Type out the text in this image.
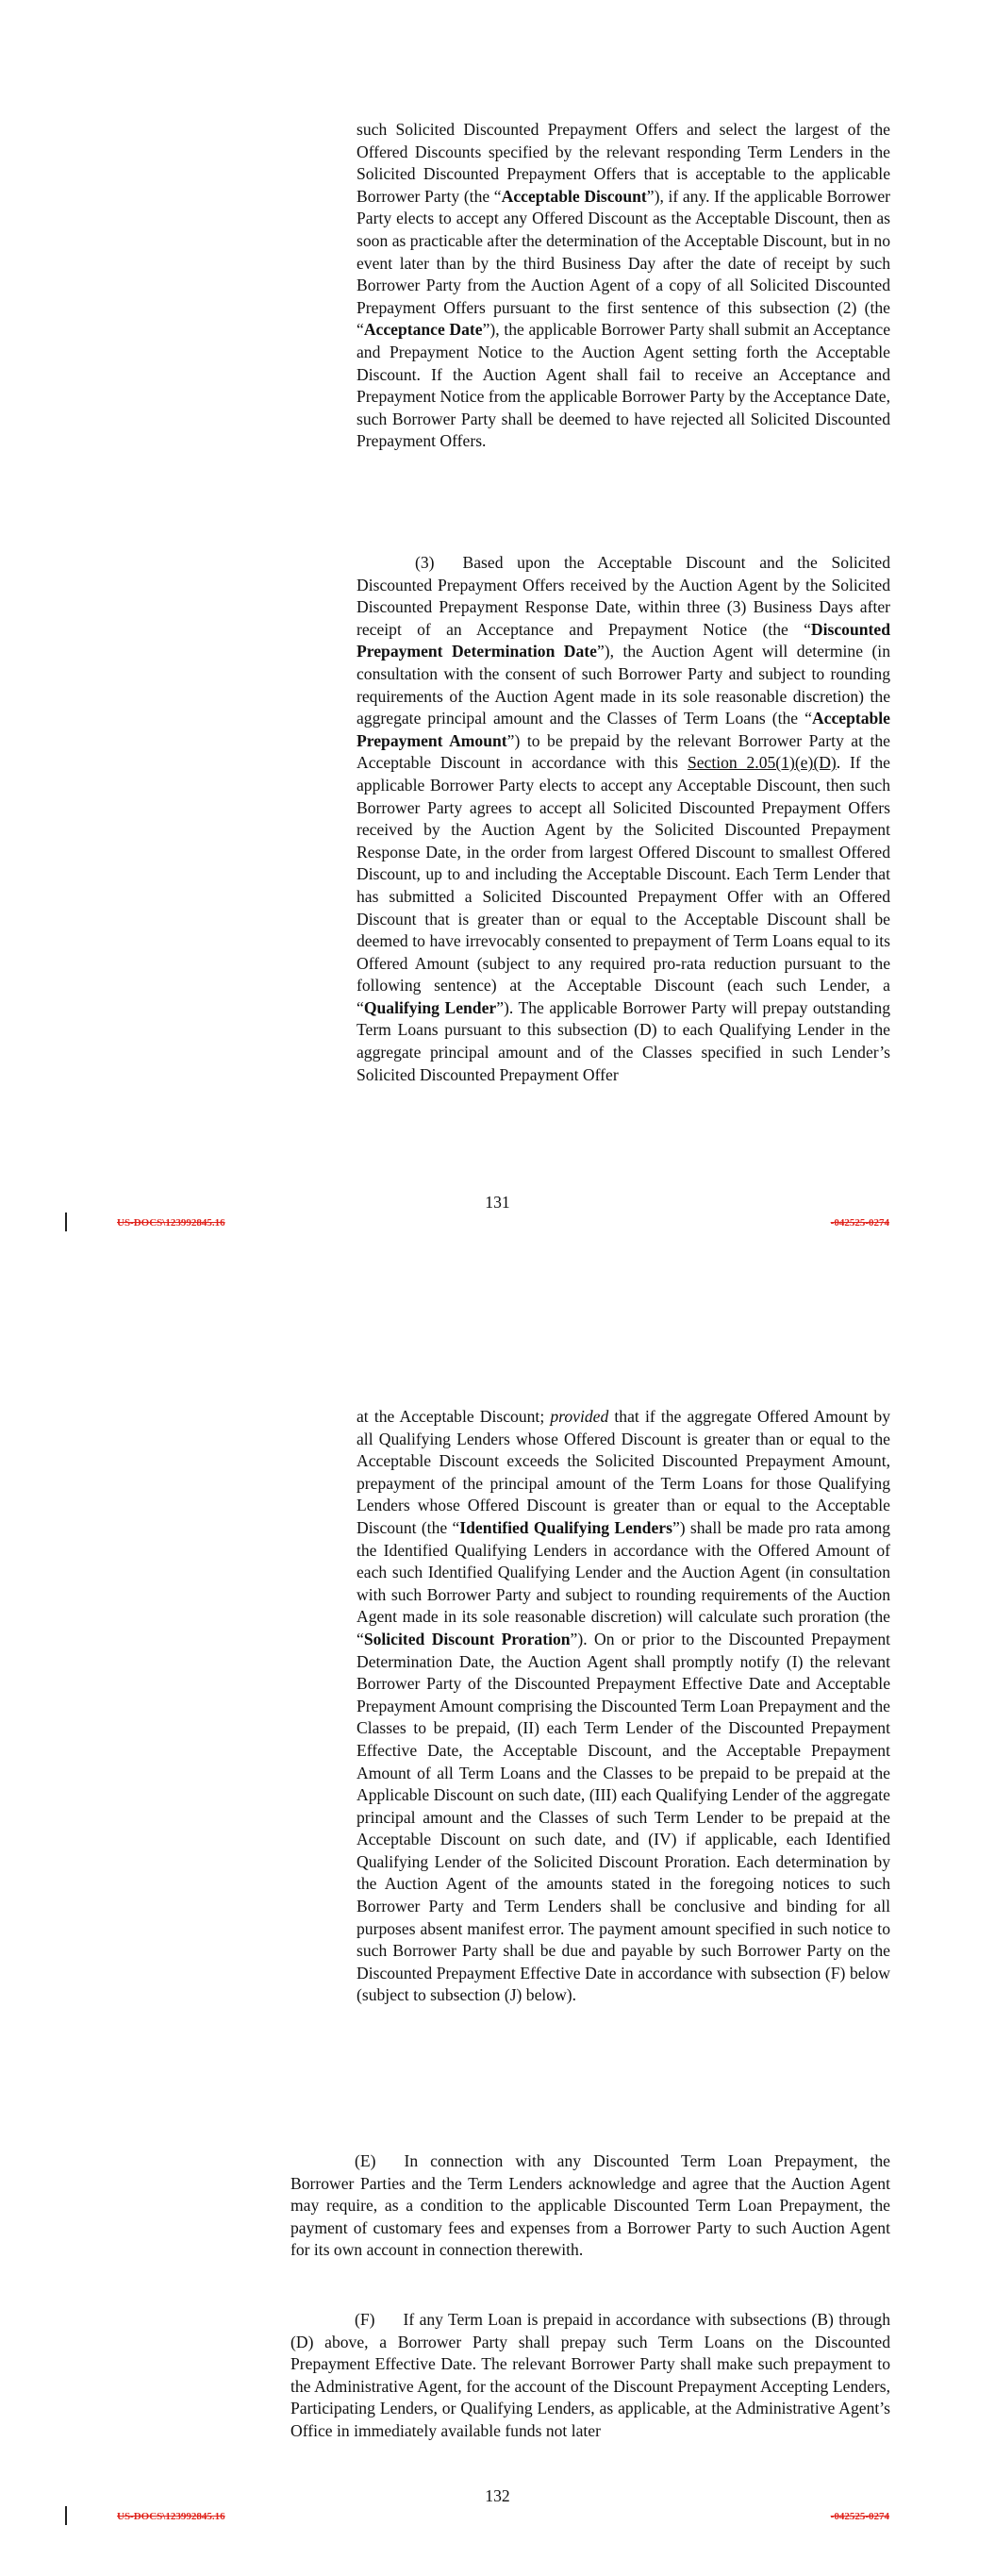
such Solicited Discounted Prepayment Offers and select the largest of the Offered Discounts specified by the relevant responding Term Lenders in the Solicited Discounted Prepayment Offers that is acceptable to the applicable Borrower Party (the “Acceptable Discount”), if any. If the applicable Borrower Party elects to accept any Offered Discount as the Acceptable Discount, then as soon as practicable after the determination of the Acceptable Discount, but in no event later than by the third Business Day after the date of receipt by such Borrower Party from the Auction Agent of a copy of all Solicited Discounted Prepayment Offers pursuant to the first sentence of this subsection (2) (the “Acceptance Date”), the applicable Borrower Party shall submit an Acceptance and Prepayment Notice to the Auction Agent setting forth the Acceptable Discount. If the Auction Agent shall fail to receive an Acceptance and Prepayment Notice from the applicable Borrower Party by the Acceptance Date, such Borrower Party shall be deemed to have rejected all Solicited Discounted Prepayment Offers.

(3) Based upon the Acceptable Discount and the Solicited Discounted Prepayment Offers received by the Auction Agent by the Solicited Discounted Prepayment Response Date, within three (3) Business Days after receipt of an Acceptance and Prepayment Notice (the “Discounted Prepayment Determination Date”), the Auction Agent will determine (in consultation with the consent of such Borrower Party and subject to rounding requirements of the Auction Agent made in its sole reasonable discretion) the aggregate principal amount and the Classes of Term Loans (the “Acceptable Prepayment Amount”) to be prepaid by the relevant Borrower Party at the Acceptable Discount in accordance with this Section 2.05(1)(e)(D). If the applicable Borrower Party elects to accept any Acceptable Discount, then such Borrower Party agrees to accept all Solicited Discounted Prepayment Offers received by the Auction Agent by the Solicited Discounted Prepayment Response Date, in the order from largest Offered Discount to smallest Offered Discount, up to and including the Acceptable Discount. Each Term Lender that has submitted a Solicited Discounted Prepayment Offer with an Offered Discount that is greater than or equal to the Acceptable Discount shall be deemed to have irrevocably consented to prepayment of Term Loans equal to its Offered Amount (subject to any required pro-rata reduction pursuant to the following sentence) at the Acceptable Discount (each such Lender, a “Qualifying Lender”). The applicable Borrower Party will prepay outstanding Term Loans pursuant to this subsection (D) to each Qualifying Lender in the aggregate principal amount and of the Classes specified in such Lender’s Solicited Discounted Prepayment Offer

131

US-DOCS\123992845.16	-042525-0274

at the Acceptable Discount; provided that if the aggregate Offered Amount by all Qualifying Lenders whose Offered Discount is greater than or equal to the Acceptable Discount exceeds the Solicited Discounted Prepayment Amount, prepayment of the principal amount of the Term Loans for those Qualifying Lenders whose Offered Discount is greater than or equal to the Acceptable Discount (the “Identified Qualifying Lenders”) shall be made pro rata among the Identified Qualifying Lenders in accordance with the Offered Amount of each such Identified Qualifying Lender and the Auction Agent (in consultation with such Borrower Party and subject to rounding requirements of the Auction Agent made in its sole reasonable discretion) will calculate such proration (the “Solicited Discount Proration”). On or prior to the Discounted Prepayment Determination Date, the Auction Agent shall promptly notify (I) the relevant Borrower Party of the Discounted Prepayment Effective Date and Acceptable Prepayment Amount comprising the Discounted Term Loan Prepayment and the Classes to be prepaid, (II) each Term Lender of the Discounted Prepayment Effective Date, the Acceptable Discount, and the Acceptable Prepayment Amount of all Term Loans and the Classes to be prepaid to be prepaid at the Applicable Discount on such date, (III) each Qualifying Lender of the aggregate principal amount and the Classes of such Term Lender to be prepaid at the Acceptable Discount on such date, and (IV) if applicable, each Identified Qualifying Lender of the Solicited Discount Proration. Each determination by the Auction Agent of the amounts stated in the foregoing notices to such Borrower Party and Term Lenders shall be conclusive and binding for all purposes absent manifest error. The payment amount specified in such notice to such Borrower Party shall be due and payable by such Borrower Party on the Discounted Prepayment Effective Date in accordance with subsection (F) below (subject to subsection (J) below).

(E) In connection with any Discounted Term Loan Prepayment, the Borrower Parties and the Term Lenders acknowledge and agree that the Auction Agent may require, as a condition to the applicable Discounted Term Loan Prepayment, the payment of customary fees and expenses from a Borrower Party to such Auction Agent for its own account in connection therewith.

(F) If any Term Loan is prepaid in accordance with subsections (B) through (D) above, a Borrower Party shall prepay such Term Loans on the Discounted Prepayment Effective Date. The relevant Borrower Party shall make such prepayment to the Administrative Agent, for the account of the Discount Prepayment Accepting Lenders, Participating Lenders, or Qualifying Lenders, as applicable, at the Administrative Agent’s Office in immediately available funds not later

132

US-DOCS\123992845.16	-042525-0274
